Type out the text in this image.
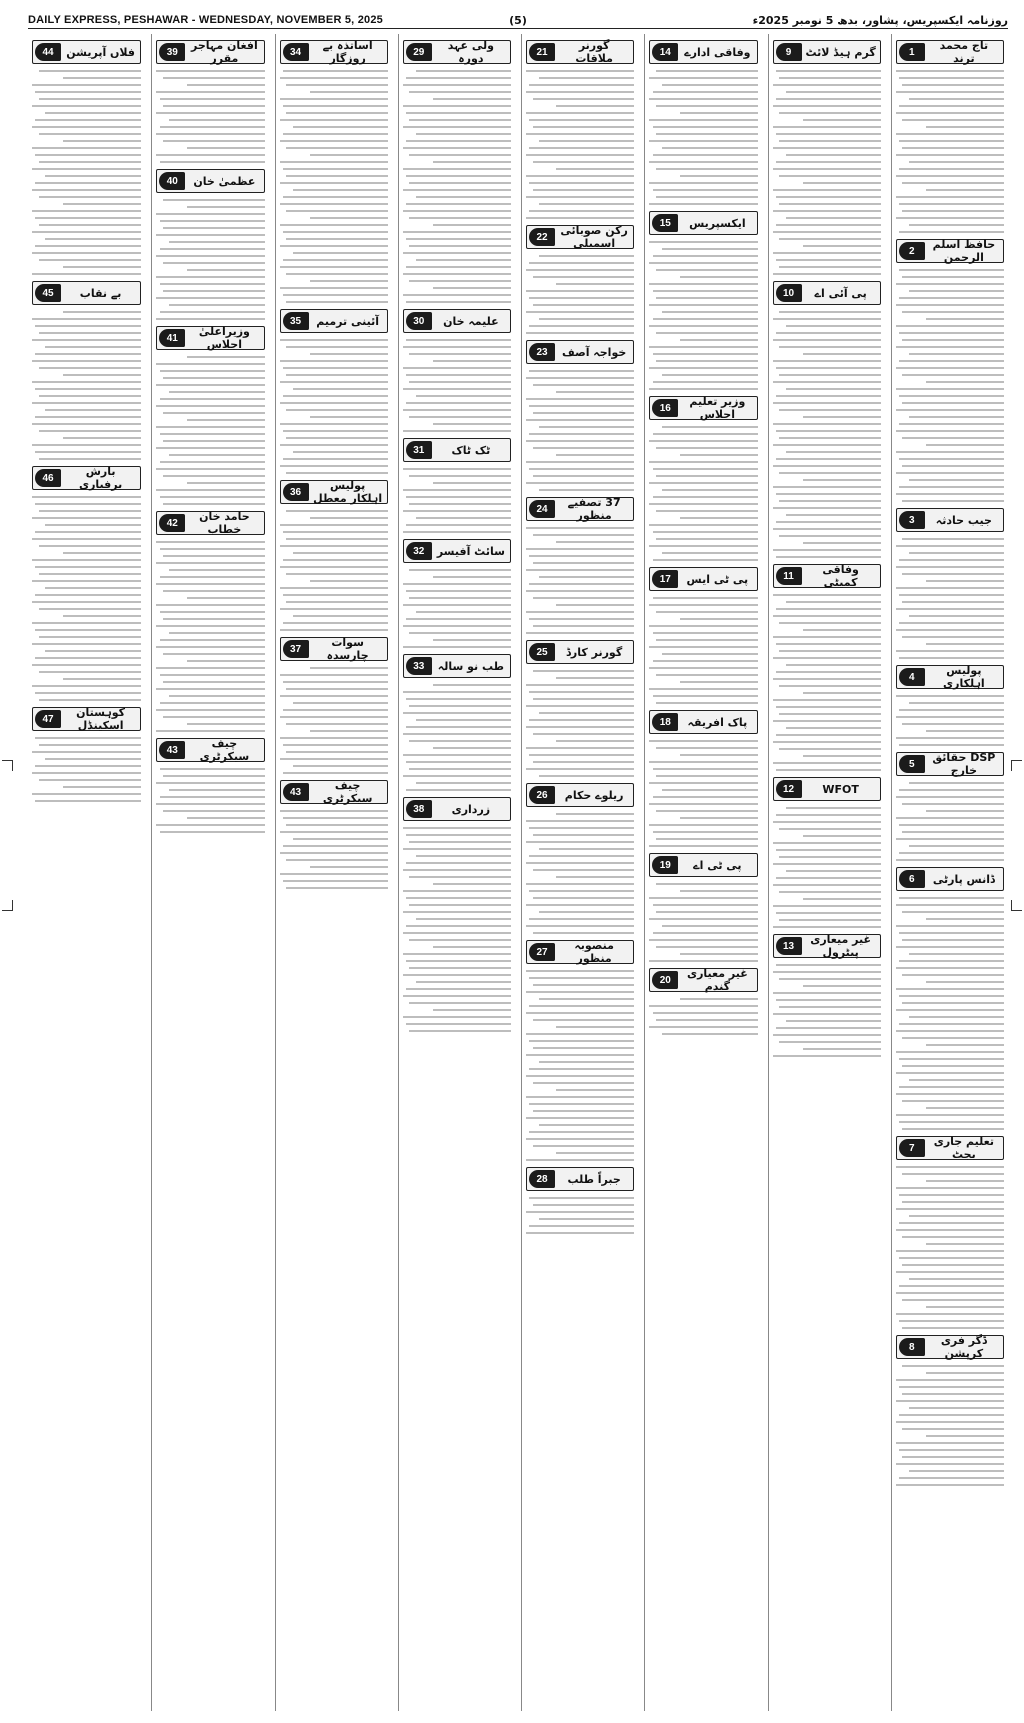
DAILY EXPRESS, PESHAWAR - WEDNESDAY, NOVEMBER 5, 2025	(5)	روزنامہ ایکسپریس، پشاور، بدھ 5 نومبر 2025ء
تاج محمد ترند
1
حافظ اسلم الرحمن
2
جیب حادثہ
3
پولیس اہلکاری
4
DSP حقائق خارج
5
ڈانس پارٹی
6
تعلیم جاری بجٹ
7
ڈگر فری کرپشن
8
گرم ہیڈ لائٹ
9
پی آئی اے
10
وفاقی کمیٹی
11
WFOT
12
غیر میعاری پیٹرول
13
وفاقی ادارے
14
ایکسپریس
15
وزیر تعلیم اجلاس
16
پی ٹی ایس
17
پاک افریقہ
18
پی ٹی اے
19
غیر معیاری گندم
20
گورنر ملاقات
21
رکن صوبائی اسمبلی
22
خواجہ آصف
23
37 تصفیے منظور
24
گورنر کارڈ
25
ریلوے حکام
26
منصوبہ منظور
27
جبراً طلب
28
ولی عہد دورہ
29
علیمہ خان
30
ٹک ٹاک
31
سائٹ آفیسر
32
طب نو سالہ
33
زرداری
38
اساتذہ بے روزگار
34
آئینی ترمیم
35
پولیس اہلکار معطل
36
سوات چارسدہ
37
چیف سیکرٹری
43
افغان مہاجر مقرر
39
عظمیٰ خان
40
وزیراعلیٰ اجلاس
41
حامد خان خطاب
42
چیف سیکرٹری
43
فلاں آپریشن
44
بے نقاب
45
بارش برفباری
46
کوہستان اسکینڈل
47
